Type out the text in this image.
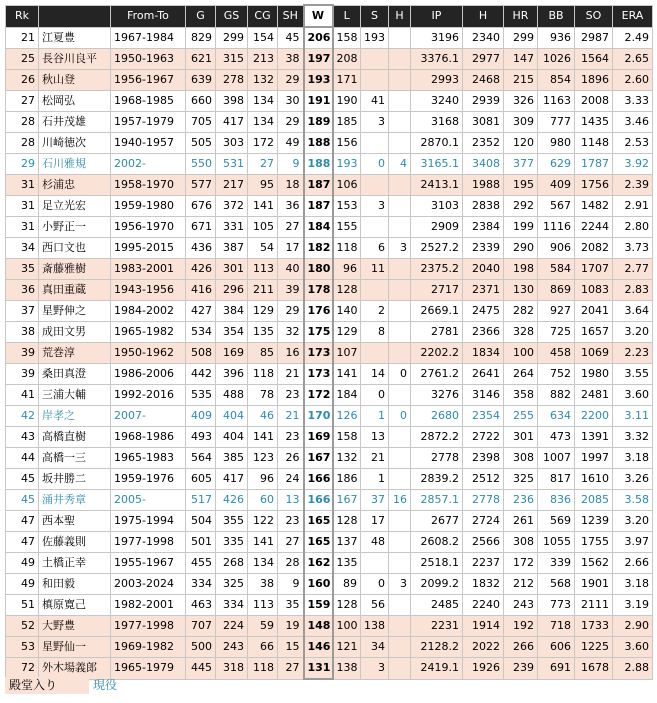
Rk	名前	From-To	G	GS	CG	SH	W	L	S	H	IP	H	HR	BB	SO	ERA
21	江夏豊	1967-1984	829	299	154	45	206	158	193		3196	2340	299	936	2987	2.49
25	長谷川良平	1950-1963	621	315	213	38	197	208			3376.1	2977	147	1026	1564	2.65
26	秋山登	1956-1967	639	278	132	29	193	171			2993	2468	215	854	1896	2.60
27	松岡弘	1968-1985	660	398	134	30	191	190	41		3240	2939	326	1163	2008	3.33
28	石井茂雄	1957-1979	705	417	134	29	189	185	3		3168	3081	309	777	1435	3.46
28	川崎徳次	1940-1957	505	303	172	49	188	156			2870.1	2352	120	980	1148	2.53
29	石川雅規	2002-	550	531	27	9	188	193	0	4	3165.1	3408	377	629	1787	3.92
31	杉浦忠	1958-1970	577	217	95	18	187	106			2413.1	1988	195	409	1756	2.39
31	足立光宏	1959-1980	676	372	141	36	187	153	3		3103	2838	292	567	1482	2.91
31	小野正一	1956-1970	671	331	105	27	184	155			2909	2384	199	1116	2244	2.80
34	西口文也	1995-2015	436	387	54	17	182	118	6	3	2527.2	2339	290	906	2082	3.73
35	斎藤雅樹	1983-2001	426	301	113	40	180	96	11		2375.2	2040	198	584	1707	2.77
36	真田重蔵	1943-1956	416	296	211	39	178	128			2717	2371	130	869	1083	2.83
37	星野伸之	1984-2002	427	384	129	29	176	140	2		2669.1	2475	282	927	2041	3.64
38	成田文男	1965-1982	534	354	135	32	175	129	8		2781	2366	328	725	1657	3.20
39	荒巻淳	1950-1962	508	169	85	16	173	107			2202.2	1834	100	458	1069	2.23
39	桑田真澄	1986-2006	442	396	118	21	173	141	14	0	2761.2	2641	264	752	1980	3.55
41	三浦大輔	1992-2016	535	488	78	23	172	184	0		3276	3146	358	882	2481	3.60
42	岸孝之	2007-	409	404	46	21	170	126	1	0	2680	2354	255	634	2200	3.11
43	高橋直樹	1968-1986	493	404	141	23	169	158	13		2872.2	2722	301	473	1391	3.32
44	高橋一三	1965-1983	564	385	123	26	167	132	21		2778	2398	308	1007	1997	3.18
45	坂井勝二	1959-1976	605	417	96	24	166	186	1		2839.2	2512	325	817	1610	3.26
45	涌井秀章	2005-	517	426	60	13	166	167	37	16	2857.1	2778	236	836	2085	3.58
47	西本聖	1975-1994	504	355	122	23	165	128	17		2677	2724	261	569	1239	3.20
47	佐藤義則	1977-1998	501	335	141	27	165	137	48		2608.2	2566	308	1055	1755	3.97
49	土橋正幸	1955-1967	455	268	134	28	162	135			2518.1	2237	172	339	1562	2.66
49	和田毅	2003-2024	334	325	38	9	160	89	0	3	2099.2	1832	212	568	1901	3.18
51	槙原寛己	1982-2001	463	334	113	35	159	128	56		2485	2240	243	773	2111	3.19
52	大野豊	1977-1998	707	224	59	19	148	100	138		2231	1914	192	718	1733	2.90
53	星野仙一	1969-1982	500	243	66	15	146	121	34		2128.2	2022	266	606	1225	3.60
72	外木場義郎	1965-1979	445	318	118	27	131	138	3		2419.1	1926	239	691	1678	2.88
殿堂入り	現役
